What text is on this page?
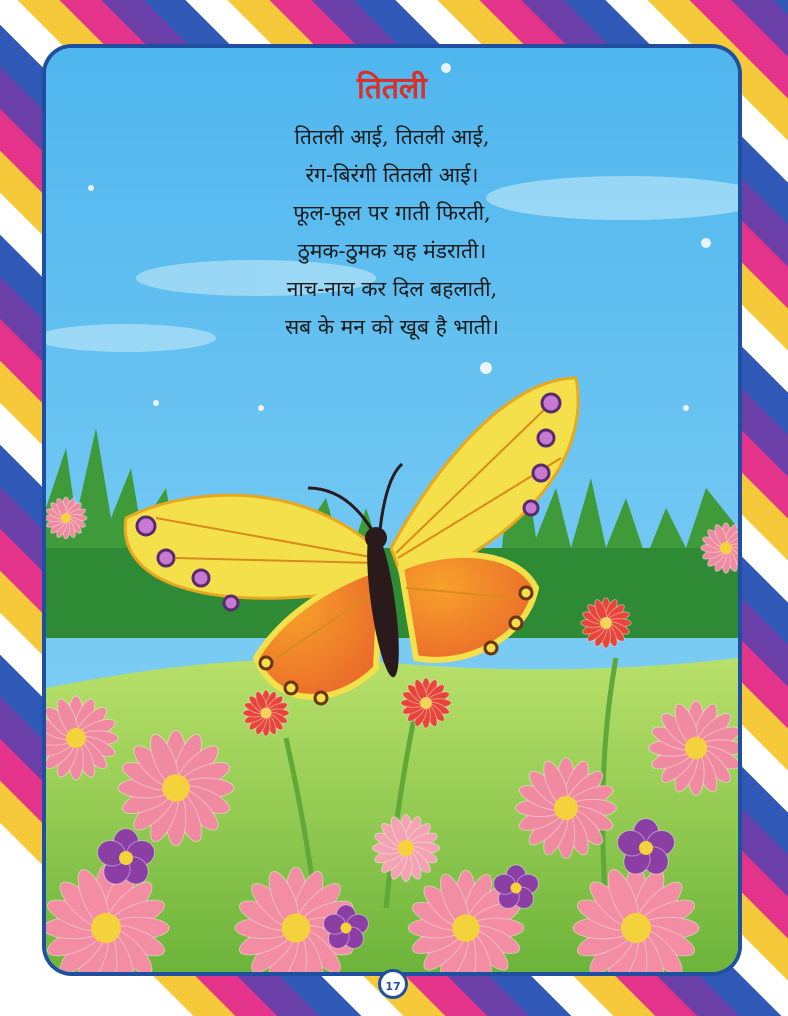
तितली
तितली आई, तितली आई,
रंग-बिरंगी तितली आई।
फूल-फूल पर गाती फिरती,
ठुमक-ठुमक यह मंडराती।
नाच-नाच कर दिल बहलाती,
सब के मन को खूब है भाती।
17
